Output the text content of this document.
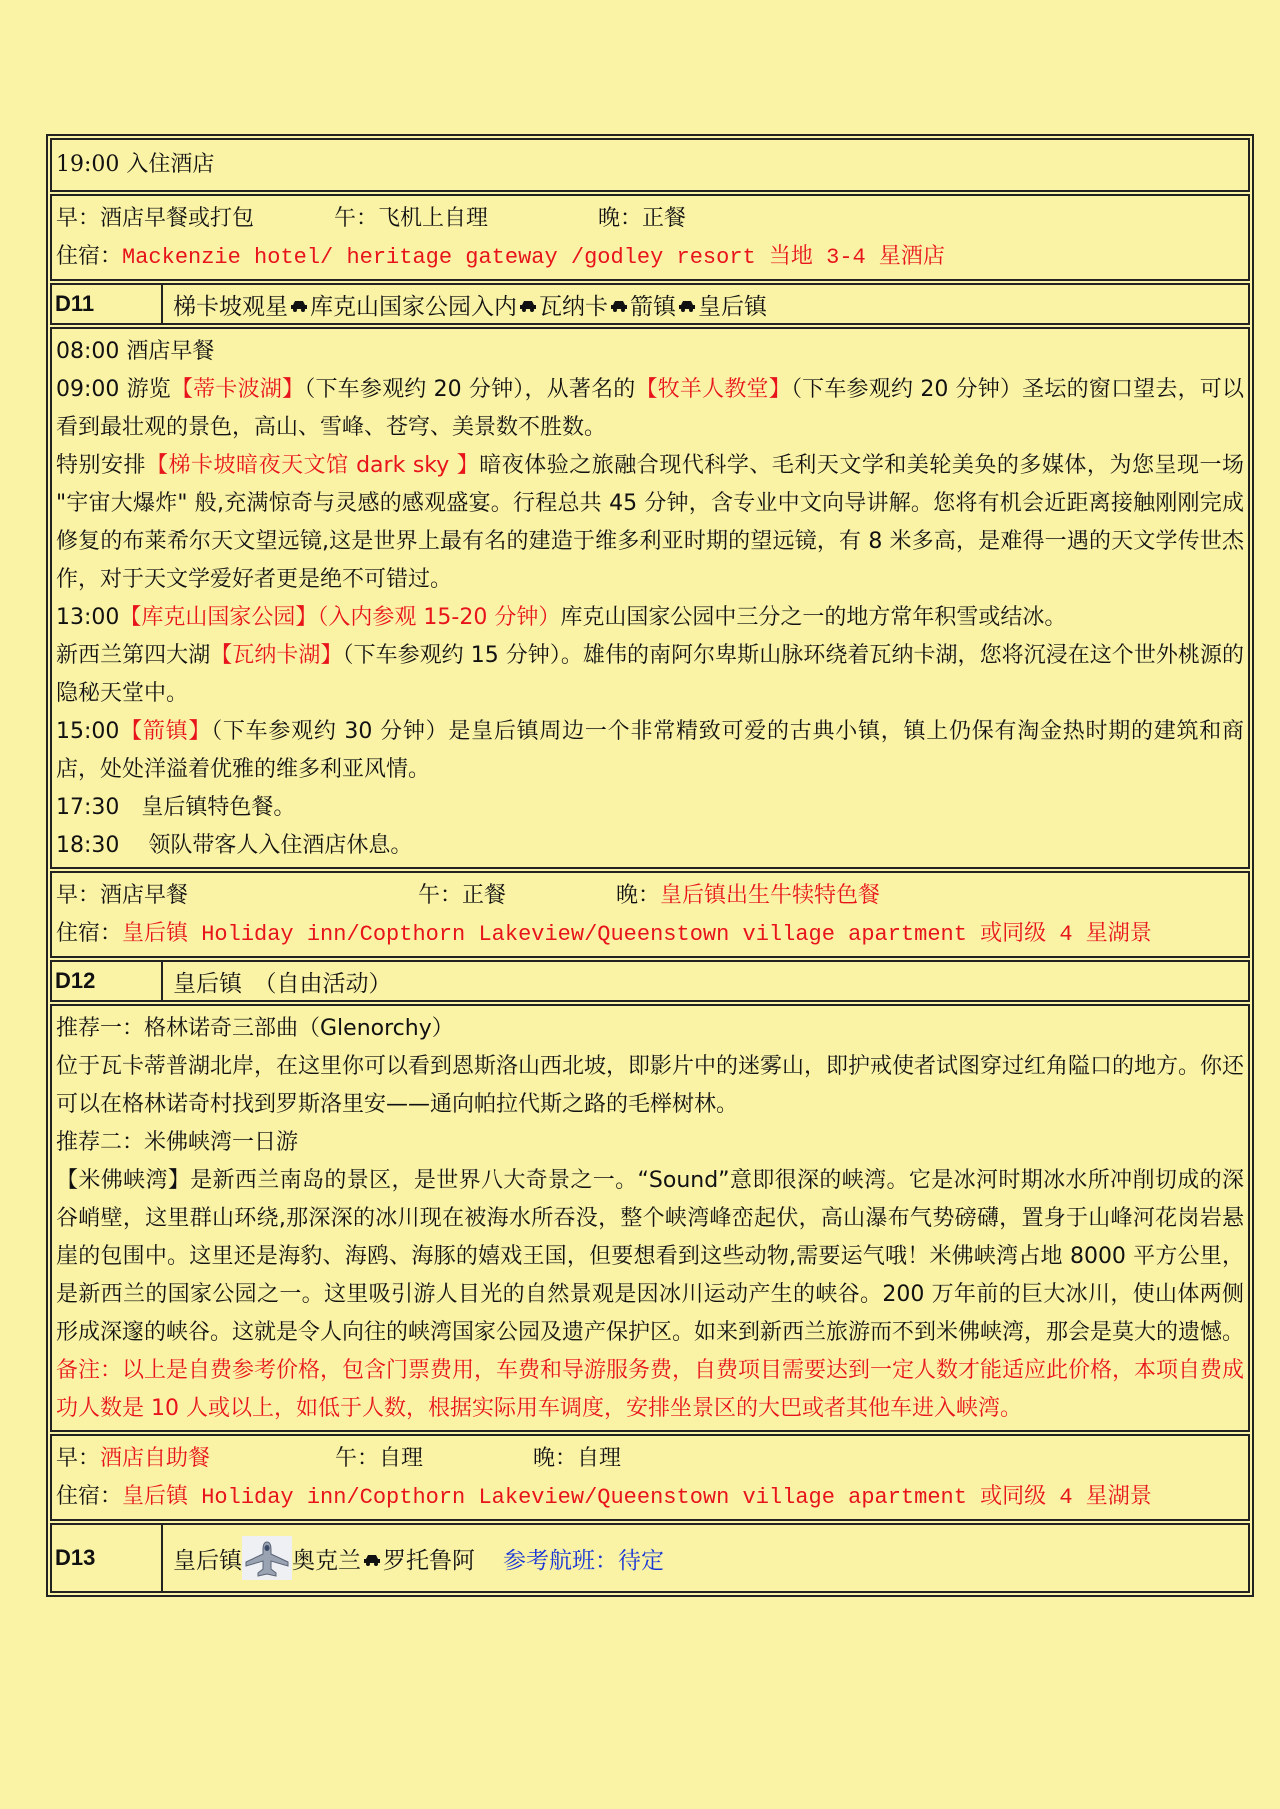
19:00 入住酒店
早：酒店早餐或打包	午：飞机上自理	晚：正餐
住宿：Mackenzie hotel/ heritage gateway /godley resort 当地 3-4 星酒店
D11	梯卡坡观星 库克山国家公园入内 瓦纳卡 箭镇 皇后镇
08:00 酒店早餐
09:00 游览【蒂卡波湖】（下车参观约 20 分钟），从著名的【牧羊人教堂】（下车参观约 20 分钟）圣坛的窗口望去，可以看到最壮观的景色，高山、雪峰、苍穹、美景数不胜数。
特别安排【梯卡坡暗夜天文馆 dark sky 】暗夜体验之旅融合现代科学、毛利天文学和美轮美奂的多媒体，为您呈现一场 "宇宙大爆炸" 般,充满惊奇与灵感的感观盛宴。行程总共 45 分钟，含专业中文向导讲解。您将有机会近距离接触刚刚完成修复的布莱希尔天文望远镜,这是世界上最有名的建造于维多利亚时期的望远镜，有 8 米多高，是难得一遇的天文学传世杰作，对于天文学爱好者更是绝不可错过。
13:00【库克山国家公园】（入内参观 15-20 分钟）库克山国家公园中三分之一的地方常年积雪或结冰。
新西兰第四大湖【瓦纳卡湖】（下车参观约 15 分钟）。雄伟的南阿尔卑斯山脉环绕着瓦纳卡湖，您将沉浸在这个世外桃源的隐秘天堂中。
15:00【箭镇】（下车参观约 30 分钟）是皇后镇周边一个非常精致可爱的古典小镇，镇上仍保有淘金热时期的建筑和商店，处处洋溢着优雅的维多利亚风情。
17:30　皇后镇特色餐。
18:30　 领队带客人入住酒店休息。
早：酒店早餐	午：正餐	晚：皇后镇出生牛犊特色餐
住宿：皇后镇 Holiday inn/Copthorn Lakeview/Queenstown village apartment 或同级 4 星湖景
D12	皇后镇　（自由活动）
推荐一：格林诺奇三部曲（Glenorchy）
位于瓦卡蒂普湖北岸，在这里你可以看到恩斯洛山西北坡，即影片中的迷雾山，即护戒使者试图穿过红角隘口的地方。你还可以在格林诺奇村找到罗斯洛里安——通向帕拉代斯之路的毛榉树林。
推荐二：米佛峡湾一日游
【米佛峡湾】是新西兰南岛的景区，是世界八大奇景之一。“Sound”意即很深的峡湾。它是冰河时期冰水所冲削切成的深谷峭壁，这里群山环绕,那深深的冰川现在被海水所吞没，整个峡湾峰峦起伏，高山瀑布气势磅礴，置身于山峰河花岗岩悬崖的包围中。这里还是海豹、海鸥、海豚的嬉戏王国，但要想看到这些动物,需要运气哦！米佛峡湾占地 8000 平方公里，是新西兰的国家公园之一。这里吸引游人目光的自然景观是因冰川运动产生的峡谷。200 万年前的巨大冰川，使山体两侧形成深邃的峡谷。这就是令人向往的峡湾国家公园及遗产保护区。如来到新西兰旅游而不到米佛峡湾，那会是莫大的遗憾。
备注：以上是自费参考价格，包含门票费用，车费和导游服务费，自费项目需要达到一定人数才能适应此价格，本项自费成功人数是 10 人或以上，如低于人数，根据实际用车调度，安排坐景区的大巴或者其他车进入峡湾。
早：酒店自助餐	午：自理	晚：自理
住宿：皇后镇 Holiday inn/Copthorn Lakeview/Queenstown village apartment 或同级 4 星湖景
D13	皇后镇 奥克兰 罗托鲁阿 参考航班：待定
